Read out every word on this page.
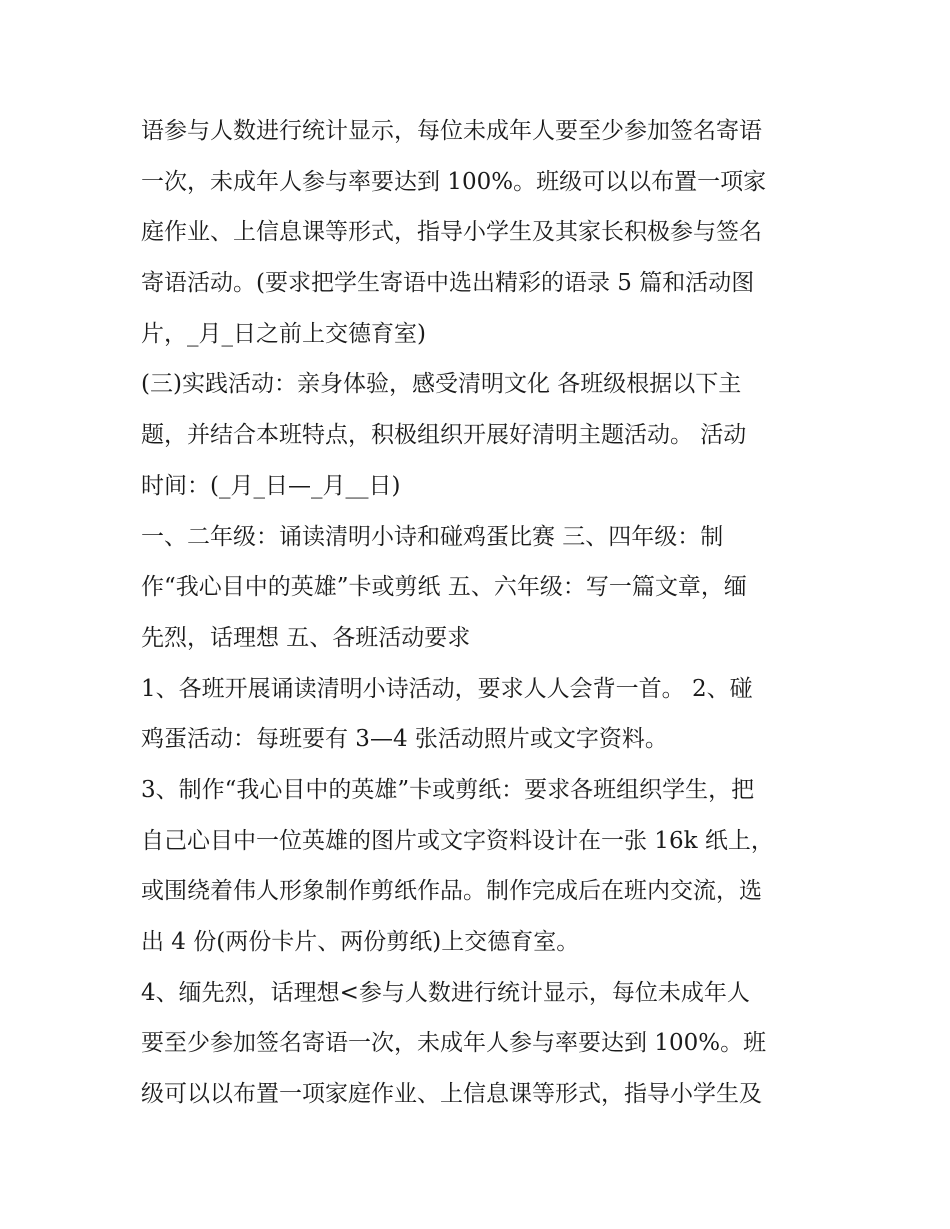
语参与人数进行统计显示，每位未成年人要至少参加签名寄语
一次，未成年人参与率要达到 100%。班级可以以布置一项家
庭作业、上信息课等形式，指导小学生及其家长积极参与签名
寄语活动。(要求把学生寄语中选出精彩的语录 5 篇和活动图
片，_月_日之前上交德育室)
(三)实践活动：亲身体验，感受清明文化 各班级根据以下主
题，并结合本班特点，积极组织开展好清明主题活动。 活动
时间：(_月_日—_月__日)
一、二年级：诵读清明小诗和碰鸡蛋比赛 三、四年级：制
作“我心目中的英雄”卡或剪纸 五、六年级：写一篇文章，缅
先烈，话理想 五、各班活动要求
1、各班开展诵读清明小诗活动，要求人人会背一首。 2、碰
鸡蛋活动：每班要有 3—4 张活动照片或文字资料。
3、制作“我心目中的英雄”卡或剪纸：要求各班组织学生，把
自己心目中一位英雄的图片或文字资料设计在一张 16k 纸上，
或围绕着伟人形象制作剪纸作品。制作完成后在班内交流，选
出 4 份(两份卡片、两份剪纸)上交德育室。
4、缅先烈，话理想<参与人数进行统计显示，每位未成年人
要至少参加签名寄语一次，未成年人参与率要达到 100%。班
级可以以布置一项家庭作业、上信息课等形式，指导小学生及
